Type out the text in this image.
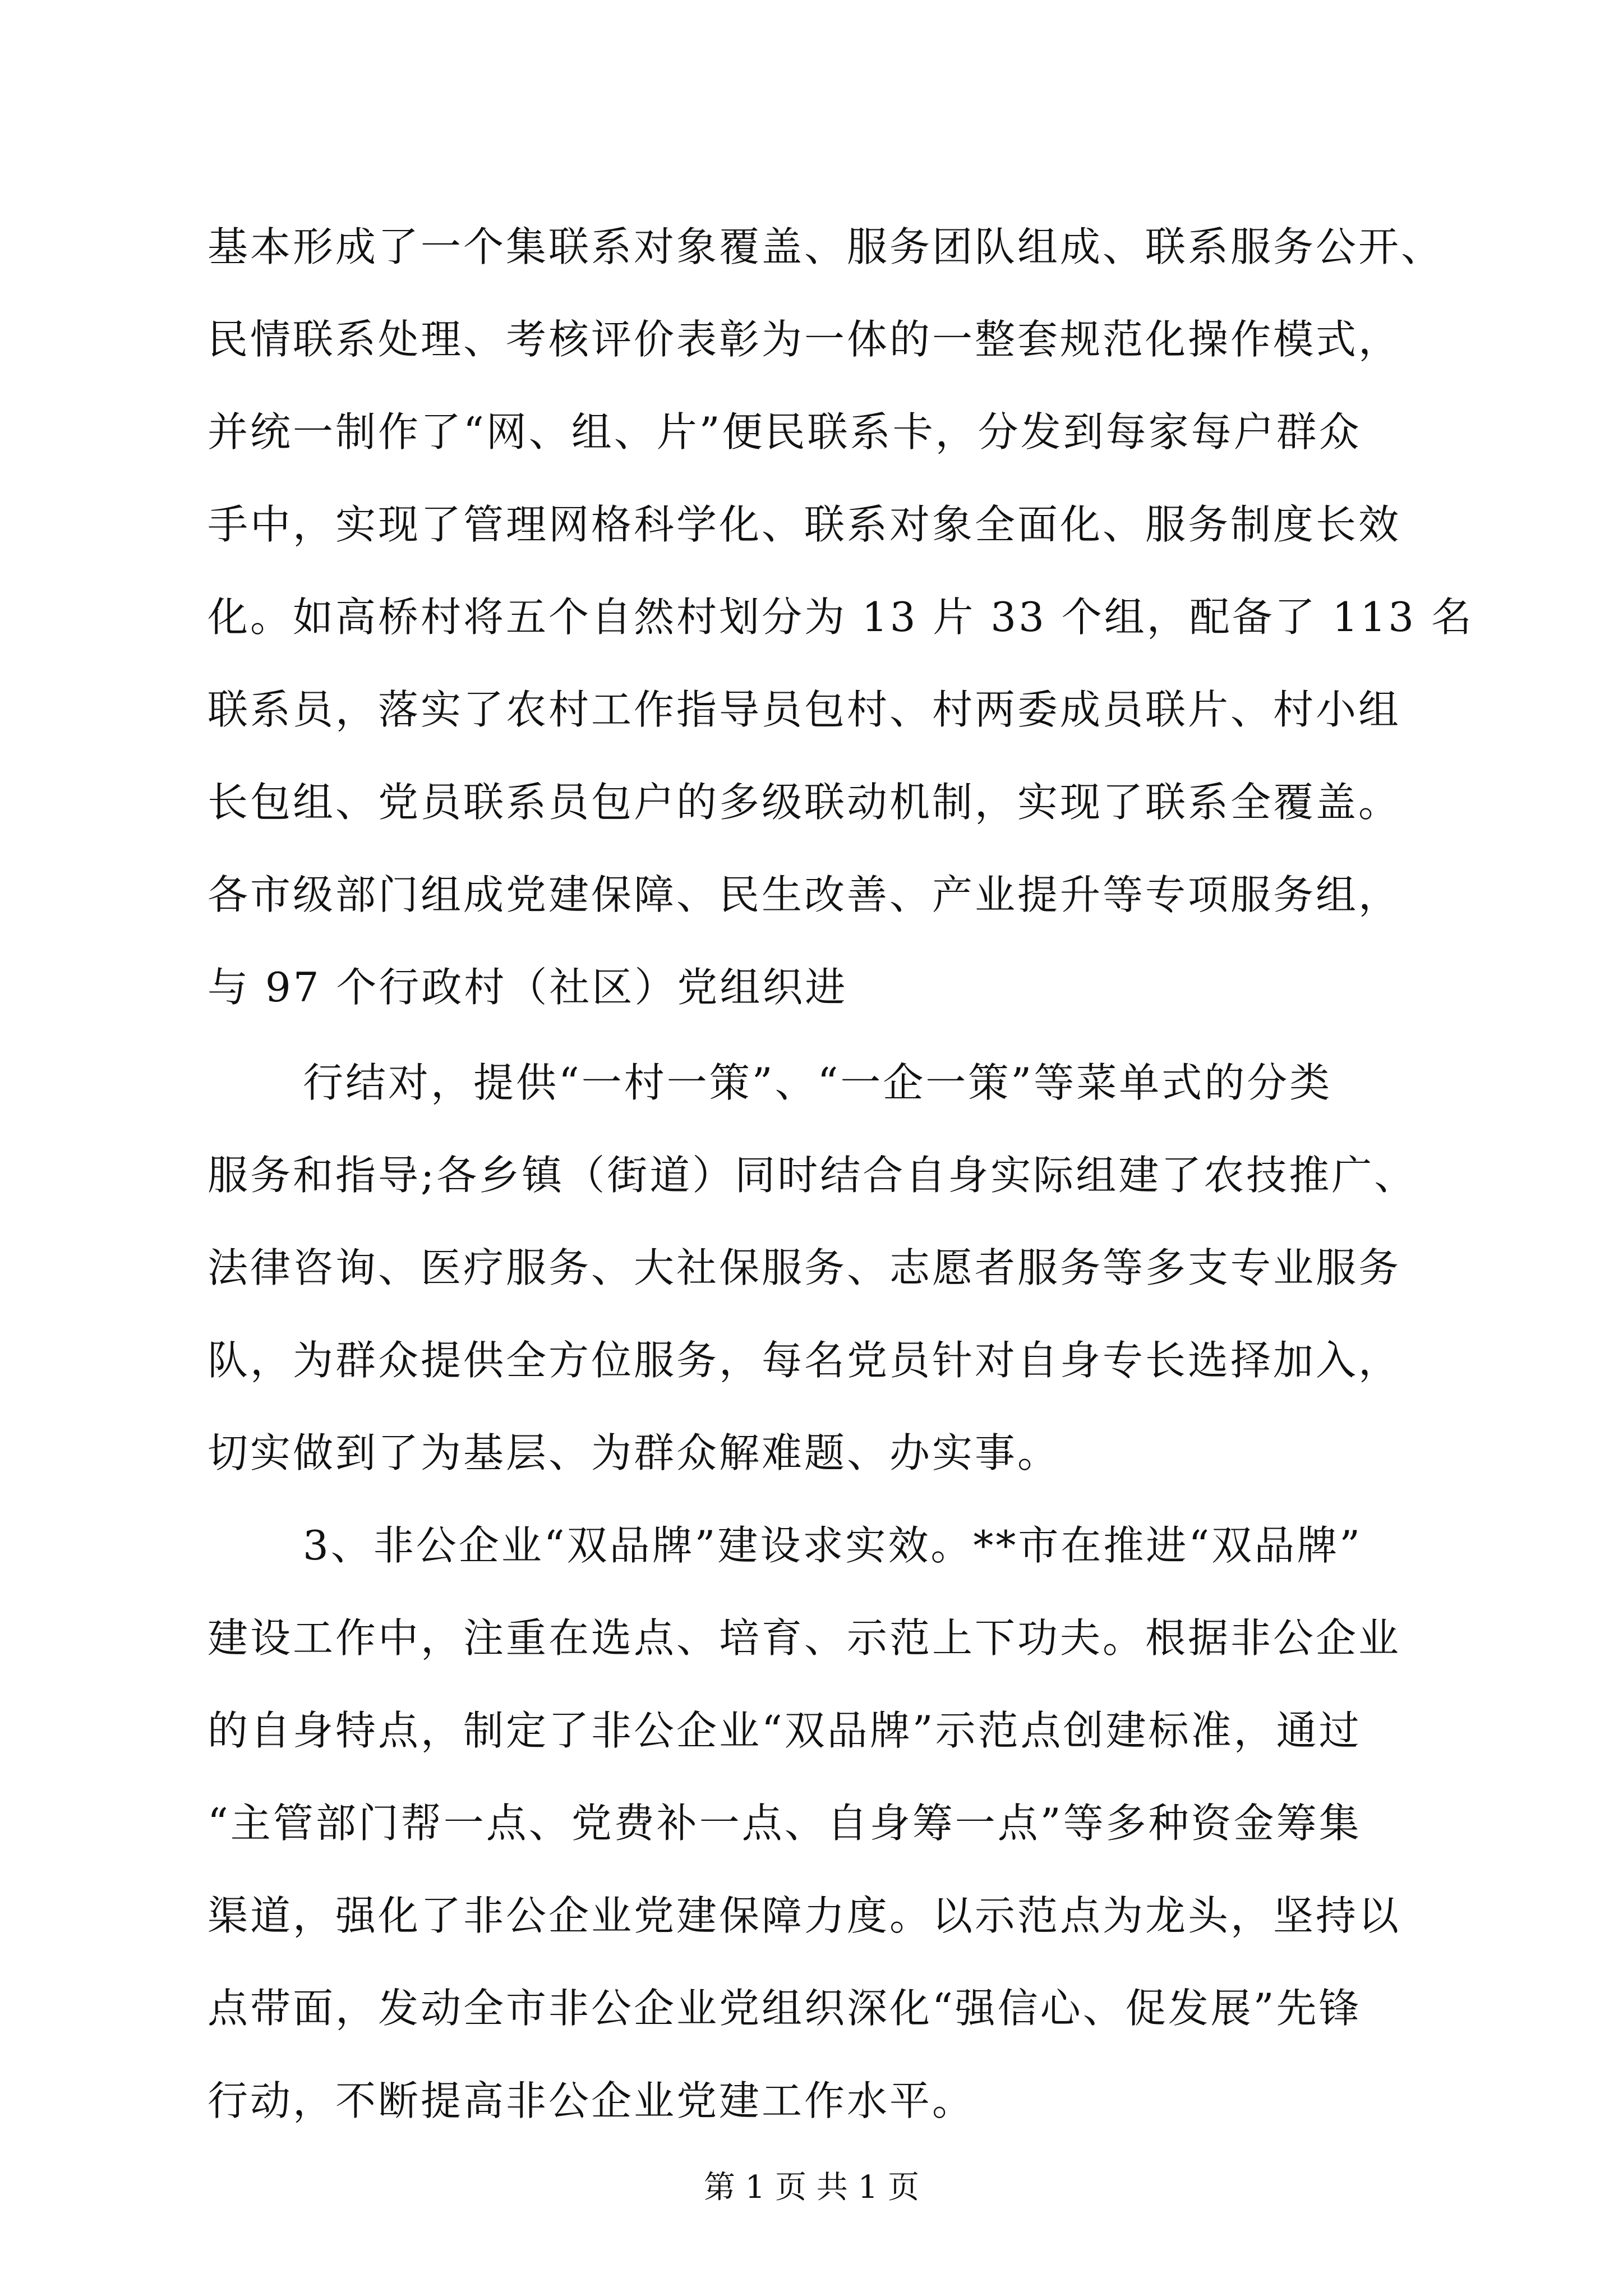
基本形成了一个集联系对象覆盖、服务团队组成、联系服务公开、
民情联系处理、考核评价表彰为一体的一整套规范化操作模式，
并统一制作了“网、组、片”便民联系卡，分发到每家每户群众
手中，实现了管理网格科学化、联系对象全面化、服务制度长效
化。如高桥村将五个自然村划分为 13 片 33 个组，配备了 113 名
联系员，落实了农村工作指导员包村、村两委成员联片、村小组
长包组、党员联系员包户的多级联动机制，实现了联系全覆盖。
各市级部门组成党建保障、民生改善、产业提升等专项服务组，
与 97 个行政村（社区）党组织进
行结对，提供“一村一策”、“一企一策”等菜单式的分类
服务和指导;各乡镇（街道）同时结合自身实际组建了农技推广、
法律咨询、医疗服务、大社保服务、志愿者服务等多支专业服务
队，为群众提供全方位服务，每名党员针对自身专长选择加入，
切实做到了为基层、为群众解难题、办实事。
3、非公企业“双品牌”建设求实效。**市在推进“双品牌”
建设工作中，注重在选点、培育、示范上下功夫。根据非公企业
的自身特点，制定了非公企业“双品牌”示范点创建标准，通过
“主管部门帮一点、党费补一点、自身筹一点”等多种资金筹集
渠道，强化了非公企业党建保障力度。以示范点为龙头，坚持以
点带面，发动全市非公企业党组织深化“强信心、促发展”先锋
行动，不断提高非公企业党建工作水平。
第 1 页 共 1 页
